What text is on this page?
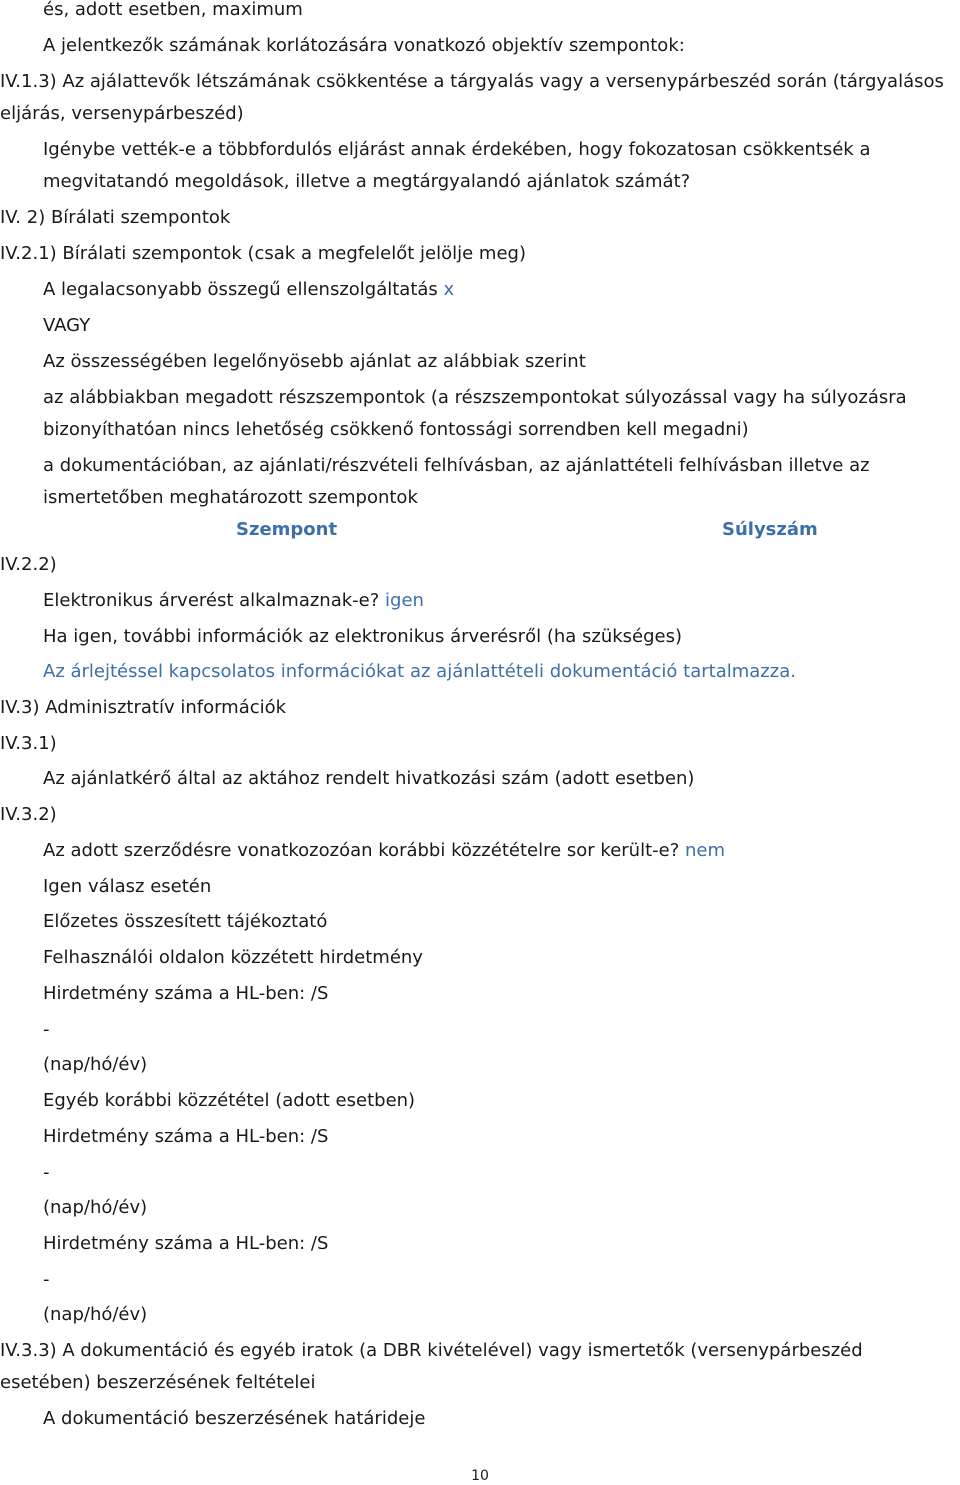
és, adott esetben, maximum
A jelentkezők számának korlátozására vonatkozó objektív szempontok:
IV.1.3) Az ajálattevők létszámának csökkentése a tárgyalás vagy a versenypárbeszéd során (tárgyalásos
eljárás, versenypárbeszéd)
Igénybe vették-e a többfordulós eljárást annak érdekében, hogy fokozatosan csökkentsék a
megvitatandó megoldások, illetve a megtárgyalandó ajánlatok számát?
IV. 2) Bírálati szempontok
IV.2.1) Bírálati szempontok (csak a megfelelőt jelölje meg)
A legalacsonyabb összegű ellenszolgáltatás x
VAGY
Az összességében legelőnyösebb ajánlat az alábbiak szerint
az alábbiakban megadott részszempontok (a részszempontokat súlyozással vagy ha súlyozásra
bizonyíthatóan nincs lehetőség csökkenő fontossági sorrendben kell megadni)
a dokumentációban, az ajánlati/részvételi felhívásban, az ajánlattételi felhívásban illetve az
ismertetőben meghatározott szempontok
Szempont	Súlyszám
IV.2.2)
Elektronikus árverést alkalmaznak-e? igen
Ha igen, további információk az elektronikus árverésről (ha szükséges)
Az árlejtéssel kapcsolatos információkat az ajánlattételi dokumentáció tartalmazza.
IV.3) Adminisztratív információk
IV.3.1)
Az ajánlatkérő által az aktához rendelt hivatkozási szám (adott esetben)
IV.3.2)
Az adott szerződésre vonatkozozóan korábbi közzétételre sor került-e? nem
Igen válasz esetén
Előzetes összesített tájékoztató
Felhasználói oldalon közzétett hirdetmény
Hirdetmény száma a HL-ben: /S
-
(nap/hó/év)
Egyéb korábbi közzététel (adott esetben)
Hirdetmény száma a HL-ben: /S
-
(nap/hó/év)
Hirdetmény száma a HL-ben: /S
-
(nap/hó/év)
IV.3.3) A dokumentáció és egyéb iratok (a DBR kivételével) vagy ismertetők (versenypárbeszéd
esetében) beszerzésének feltételei
A dokumentáció beszerzésének határideje
10
